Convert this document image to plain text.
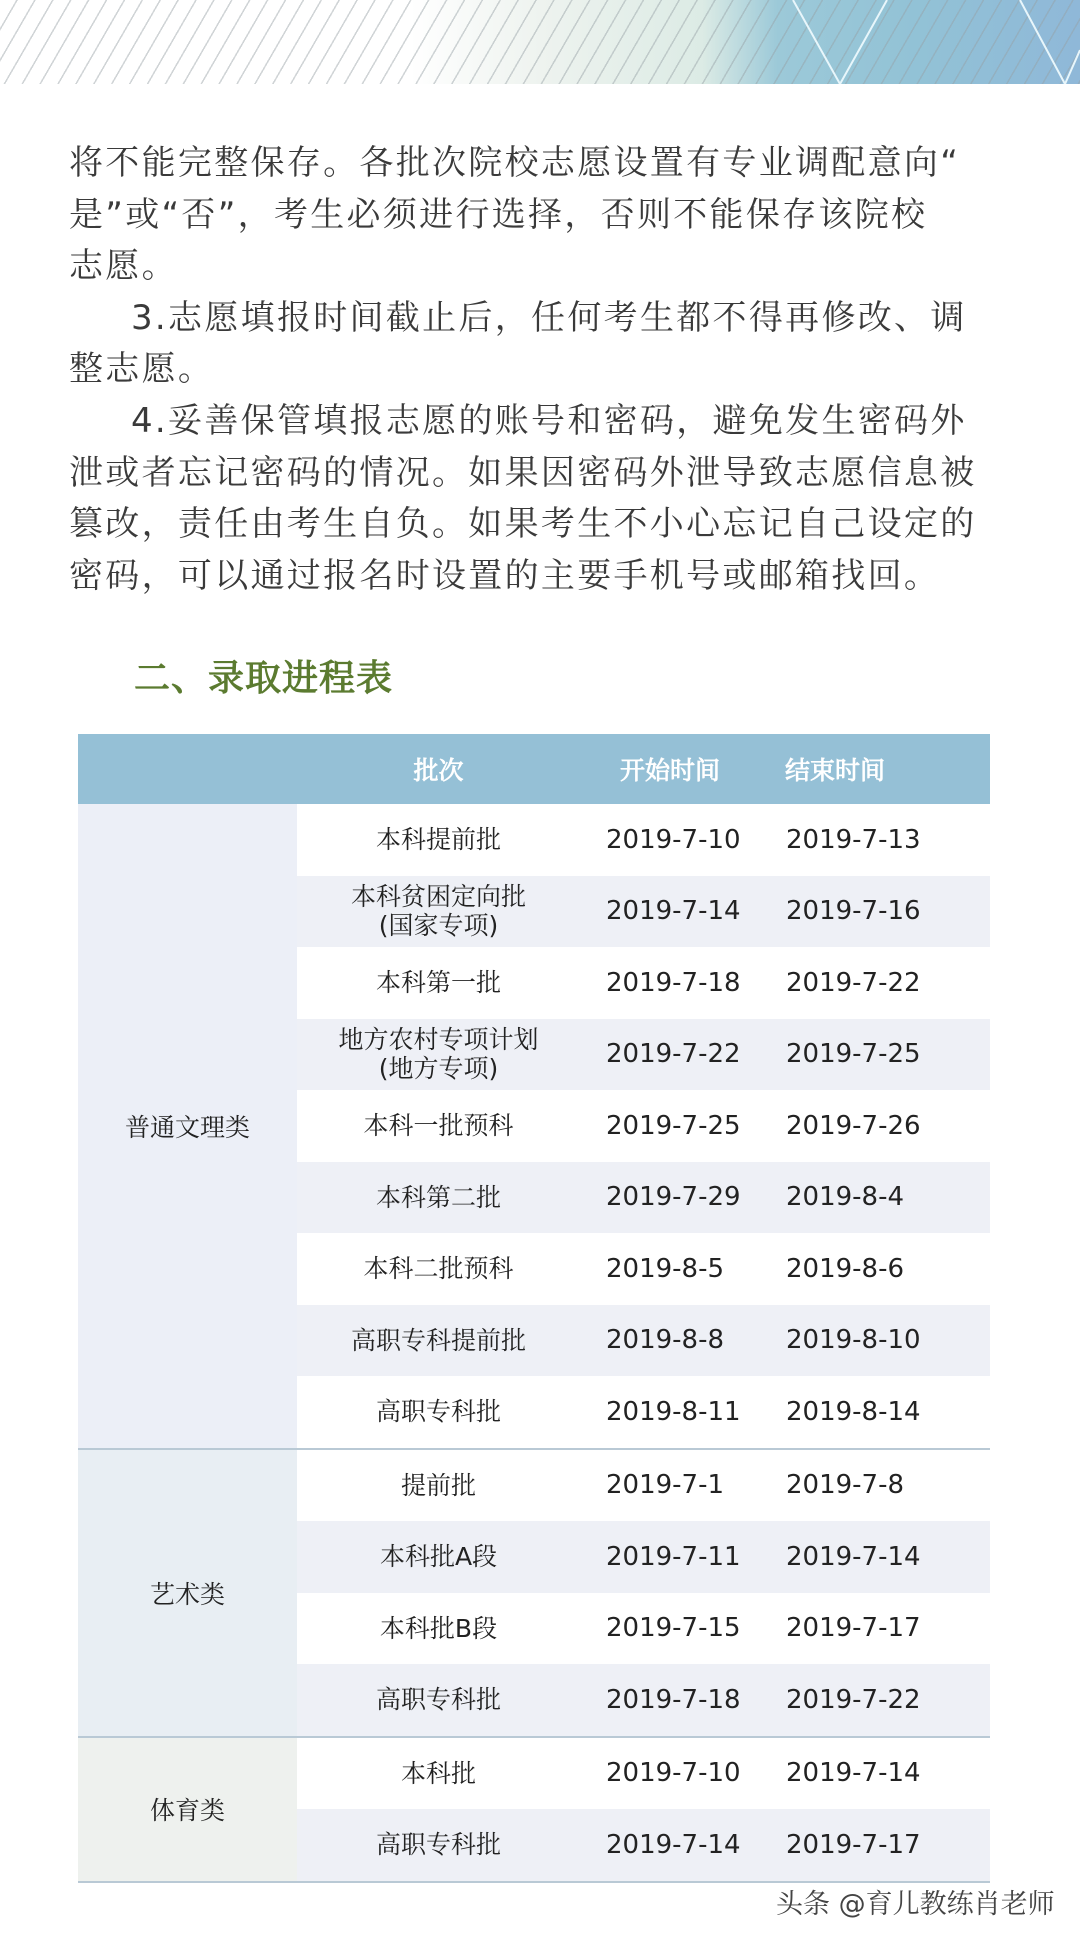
将不能完整保存。各批次院校志愿设置有专业调配意向“
是”或“否”，考生必须进行选择，否则不能保存该院校
志愿。
3.志愿填报时间截止后，任何考生都不得再修改、调
整志愿。
4.妥善保管填报志愿的账号和密码，避免发生密码外
泄或者忘记密码的情况。如果因密码外泄导致志愿信息被
篡改，责任由考生自负。如果考生不小心忘记自己设定的
密码，可以通过报名时设置的主要手机号或邮箱找回。
二、录取进程表
批次	开始时间	结束时间
普通文理类
本科提前批	2019-7-10	2019-7-13
本科贫困定向批
(国家专项)	2019-7-14	2019-7-16
本科第一批	2019-7-18	2019-7-22
地方农村专项计划
(地方专项)	2019-7-22	2019-7-25
本科一批预科	2019-7-25	2019-7-26
本科第二批	2019-7-29	2019-8-4
本科二批预科	2019-8-5	2019-8-6
高职专科提前批	2019-8-8	2019-8-10
高职专科批	2019-8-11	2019-8-14
艺术类
提前批	2019-7-1	2019-7-8
本科批A段	2019-7-11	2019-7-14
本科批B段	2019-7-15	2019-7-17
高职专科批	2019-7-18	2019-7-22
体育类
本科批	2019-7-10	2019-7-14
高职专科批	2019-7-14	2019-7-17
头条 @育儿教练肖老师
